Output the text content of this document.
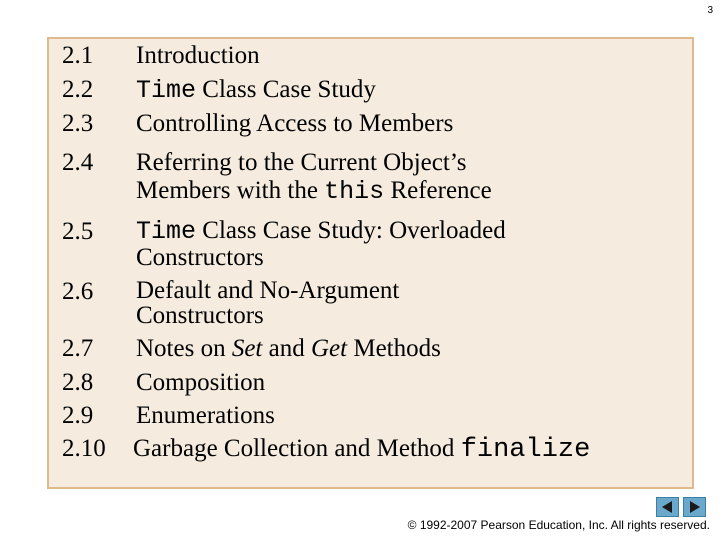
3
2.1 Introduction
2.2 Time Class Case Study
2.3 Controlling Access to Members
2.4 Referring to the Current Object’s
Members with the this Reference
2.5 Time Class Case Study: Overloaded
Constructors
2.6 Default and No-Argument
Constructors
2.7 Notes on Set and Get Methods
2.8 Composition
2.9 Enumerations
2.10 Garbage Collection and Method finalize
© 1992-2007 Pearson Education, Inc. All rights reserved.
